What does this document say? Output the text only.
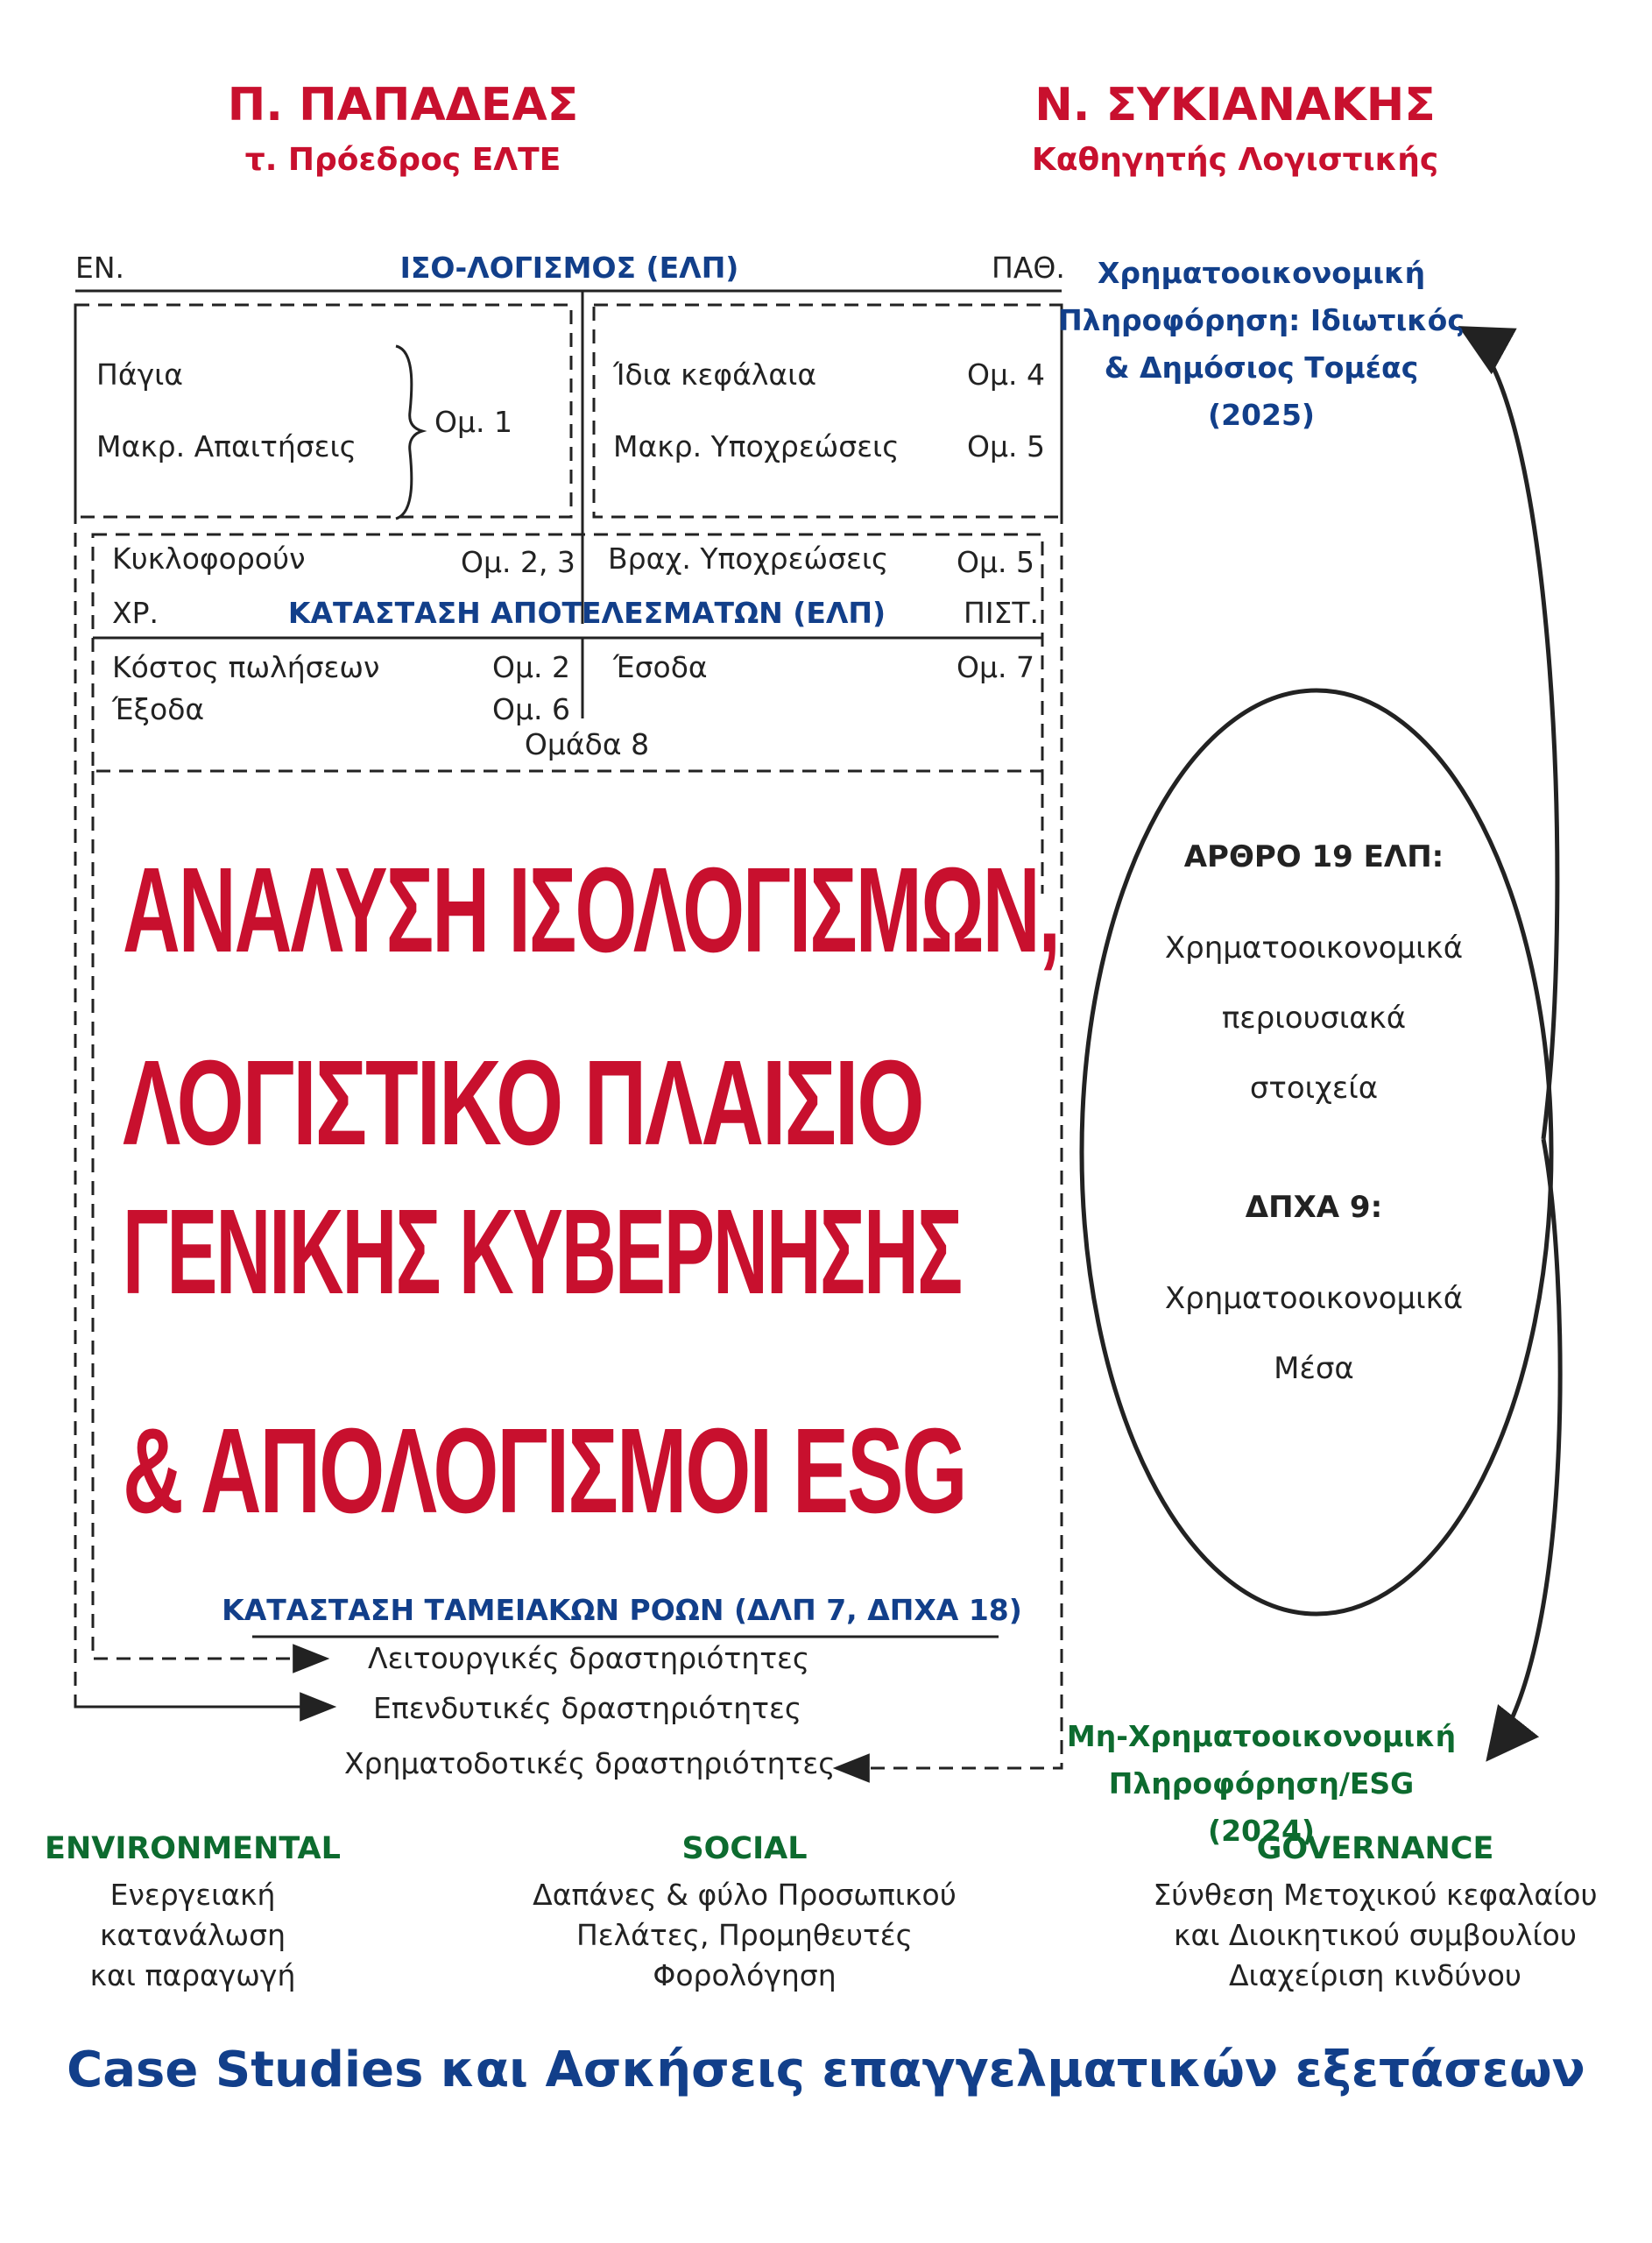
Π. ΠΑΠΑΔΕΑΣ
τ. Πρόεδρος ΕΛΤΕ
Ν. ΣΥΚΙΑΝΑΚΗΣ
Καθηγητής Λογιστικής
ΕΝ.	ΙΣΟ-ΛΟΓΙΣΜΟΣ (ΕΛΠ)	ΠΑΘ.
Πάγια
Μακρ. Απαιτήσεις
Ομ. 1
Ίδια κεφάλαια	Ομ. 4
Μακρ. Υποχρεώσεις Ομ. 5
Κυκλοφορούν	Ομ. 2, 3 Βραχ. Υποχρεώσεις Ομ. 5
ΧΡ.	ΚΑΤΑΣΤΑΣΗ ΑΠΟΤΕΛΕΣΜΑΤΩΝ (ΕΛΠ)	ΠΙΣΤ.
Κόστος πωλήσεων	Ομ. 2
Έξοδα	Ομ. 6
Έσοδα	Ομ. 7
Ομάδα 8
ΑΝΑΛΥΣΗ ΙΣΟΛΟΓΙΣΜΩΝ,
ΛΟΓΙΣΤΙΚΟ ΠΛΑΙΣΙΟ
ΓΕΝΙΚΗΣ ΚΥΒΕΡΝΗΣΗΣ
& ΑΠΟΛΟΓΙΣΜΟΙ ESG
ΚΑΤΑΣΤΑΣΗ ΤΑΜΕΙΑΚΩΝ ΡΟΩΝ (ΔΛΠ 7, ΔΠΧΑ 18)
Λειτουργικές δραστηριότητες
Επενδυτικές δραστηριότητες
Χρηματοδοτικές δραστηριότητες
Χρηματοοικονομική
Πληροφόρηση: Ιδιωτικός
& Δημόσιος Τομέας (2025)
ΑΡΘΡΟ 19 ΕΛΠ:
Χρηματοοικονομικά
περιουσιακά
στοιχεία
ΔΠΧΑ 9:
Χρηματοοικονομικά
Μέσα
Μη-Χρηματοοικονομική
Πληροφόρηση/ESG (2024)
ENVIRONMENTAL
Ενεργειακή
κατανάλωση
και παραγωγή
SOCIAL
Δαπάνες & φύλο Προσωπικού
Πελάτες, Προμηθευτές
Φορολόγηση
GOVERNANCE
Σύνθεση Μετοχικού κεφαλαίου
και Διοικητικού συμβουλίου
Διαχείριση κινδύνου
Case Studies και Ασκήσεις επαγγελματικών εξετάσεων
